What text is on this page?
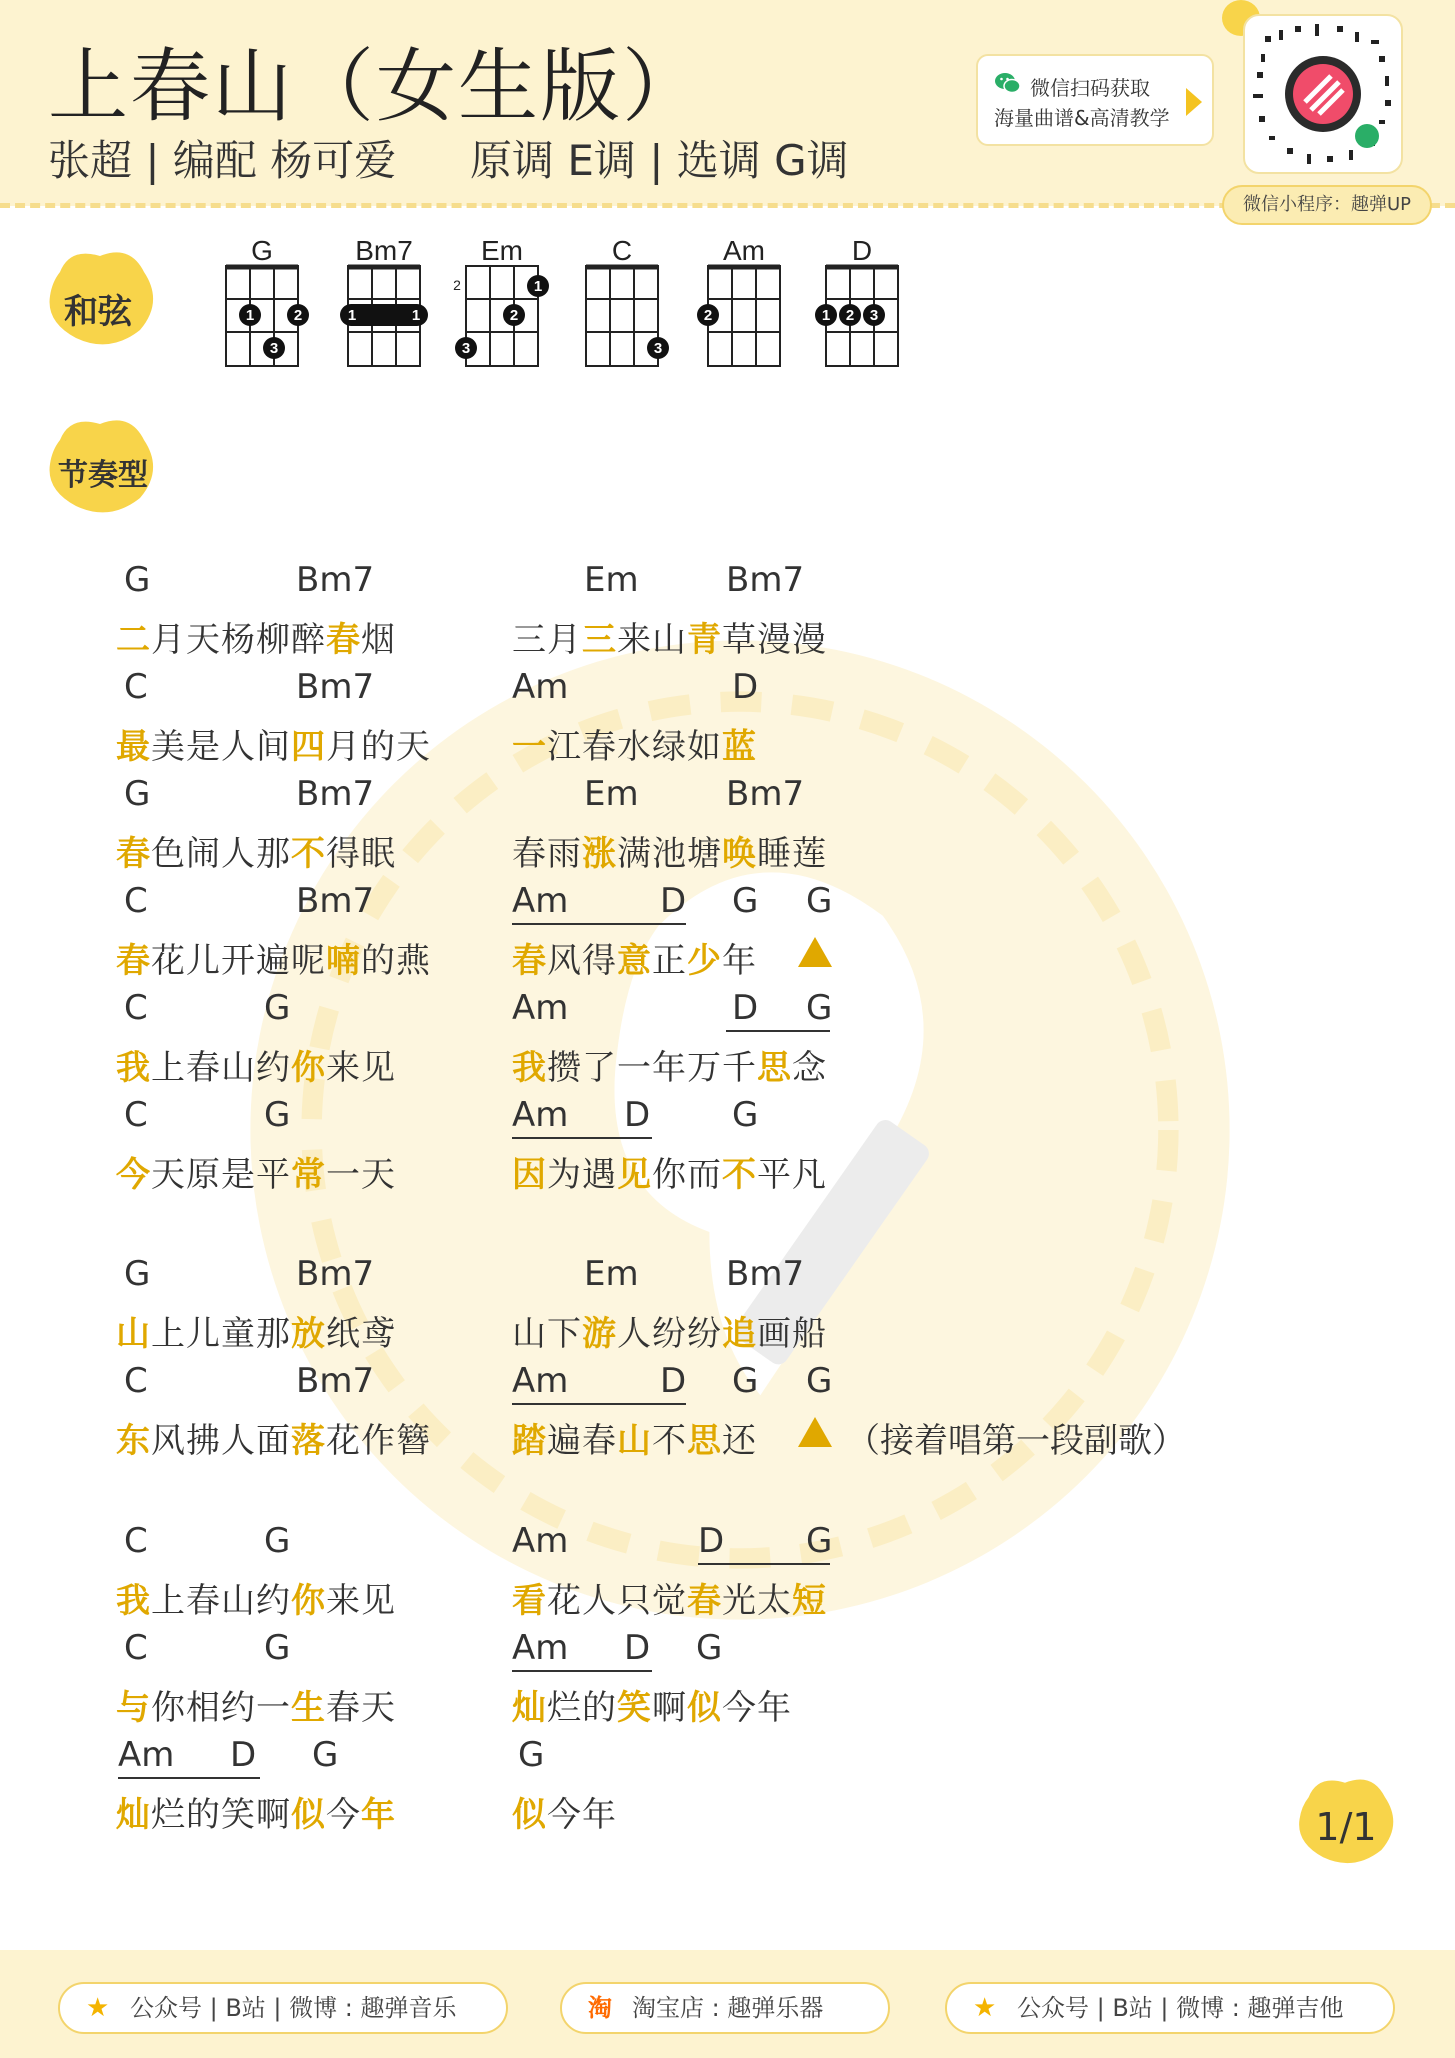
上春山（女生版）
张超 | 编配 杨可爱 原调 E调 | 选调 G调
微信扫码获取
海量曲谱&高清教学
微信小程序：趣弹UP
和弦
节奏型
G	Bm7 Em	C	Am	D
2
1	2
3
1	1
1
2
3	3
2	1 2 3
G	Bm7	Em	Bm7
二月天杨柳醉春烟	三月三来山青草漫漫
C	Bm7	Am	D
最美是人间四月的天 一江春水绿如蓝
G	Bm7	Em	Bm7
春色闹人那不得眠	春雨涨满池塘唤睡莲
C	Bm7	Am	D G G
春花儿开遍呢喃的燕 春风得意正少年
C	G	Am	D G
我上春山约你来见	我攒了一年万千思念
C	G	Am D G
今天原是平常一天	因为遇见你而不平凡
G	Bm7	Em	Bm7
山上儿童那放纸鸢	山下游人纷纷追画船
C	Bm7	Am	D G G
东风拂人面落花作簪 踏遍春山不思还	（接着唱第一段副歌）
C	G	Am	D G
我上春山约你来见	看花人只觉春光太短
C	G	Am D G
与你相约一生春天	灿烂的笑啊似今年
Am D G	G
灿烂的笑啊似今年	似今年	1/1
★ 公众号 | B站 | 微博 : 趣弹音乐	淘 淘宝店 : 趣弹乐器	★ 公众号 | B站 | 微博 : 趣弹吉他
